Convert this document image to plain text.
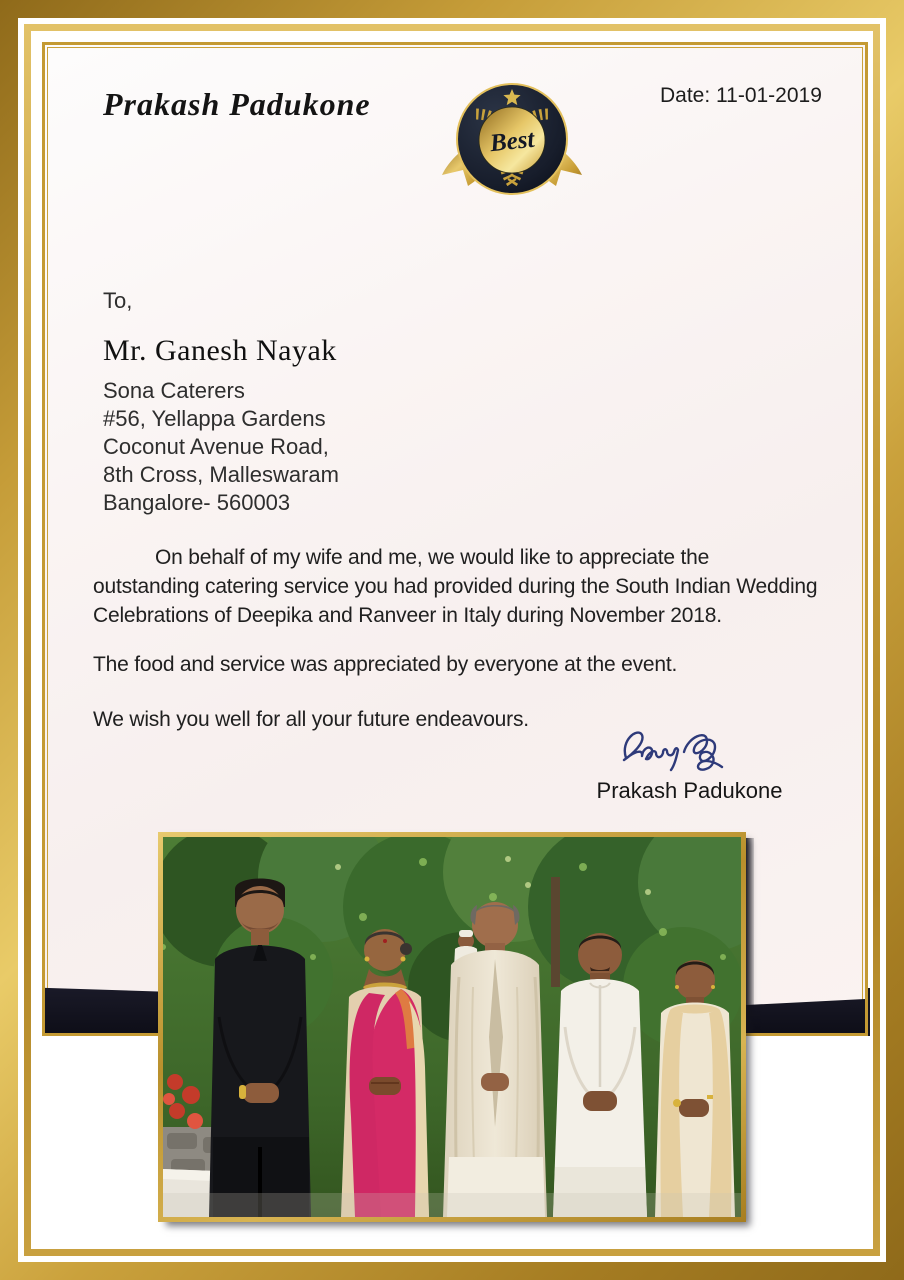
Prakash Padukone	Date: 11-01-2019
Best
To,
Mr. Ganesh Nayak
Sona Caterers
#56, Yellappa Gardens
Coconut Avenue Road,
8th Cross, Malleswaram
Bangalore- 560003

On behalf of my wife and me, we would like to appreciate the outstanding catering service you had provided during the South Indian Wedding Celebrations of Deepika and Ranveer in Italy during November 2018.

The food and service was appreciated by everyone at the event.

We wish you well for all your future endeavours.

Prakash Padukone
